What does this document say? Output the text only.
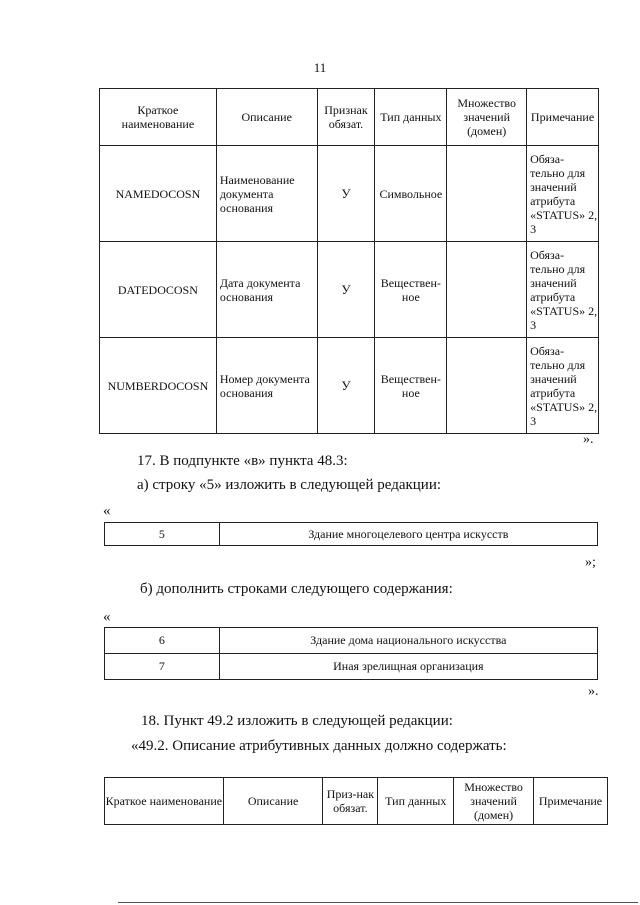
11
Краткое наименование	Описание	Признак обязат.	Тип данных	Множество значений (домен)	Примечание
NAMEDOCOSN	Наименование документа основания	У	Символьное		Обяза-тельно для значений атрибута «STATUS» 2, 3
DATEDOCOSN	Дата документа основания	У	Веществен-ное		Обяза-тельно для значений атрибута «STATUS» 2, 3
NUMBERDOCOSN	Номер документа основания	У	Веществен-ное		Обяза-тельно для значений атрибута «STATUS» 2, 3
».
17. В подпункте «в» пункта 48.3:
а) строку «5» изложить в следующей редакции:
«
5	Здание многоцелевого центра искусств
»;
б) дополнить строками следующего содержания:
«
6	Здание дома национального искусства
7	Иная зрелищная организация
».
18. Пункт 49.2 изложить в следующей редакции:
«49.2. Описание атрибутивных данных должно содержать:
Краткое наименование	Описание	Приз-нак обязат.	Тип данных	Множество значений (домен)	Примечание
